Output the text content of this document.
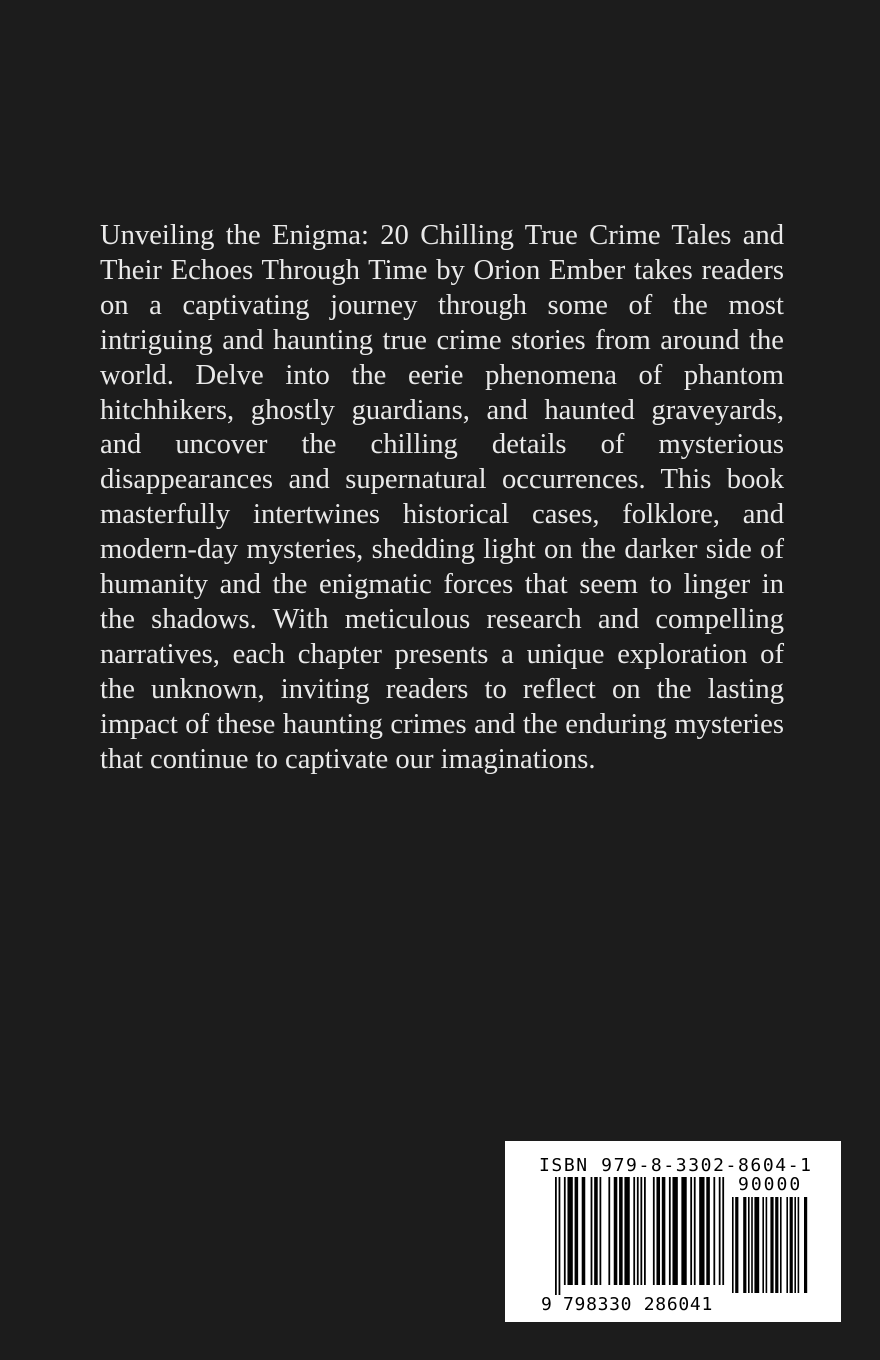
Unveiling the Enigma: 20 Chilling True Crime Tales and Their Echoes Through Time by Orion Ember takes readers on a captivating journey through some of the most intriguing and haunting true crime stories from around the world. Delve into the eerie phenomena of phantom hitchhikers, ghostly guardians, and haunted graveyards, and uncover the chilling details of mysterious disappearances and supernatural occurrences. This book masterfully intertwines historical cases, folklore, and modern-day mysteries, shedding light on the darker side of humanity and the enigmatic forces that seem to linger in the shadows. With meticulous research and compelling narratives, each chapter presents a unique exploration of the unknown, inviting readers to reflect on the lasting impact of these haunting crimes and the enduring mysteries that continue to captivate our imaginations.

ISBN 979-8-3302-8604-1
90000
9 798330 286041
